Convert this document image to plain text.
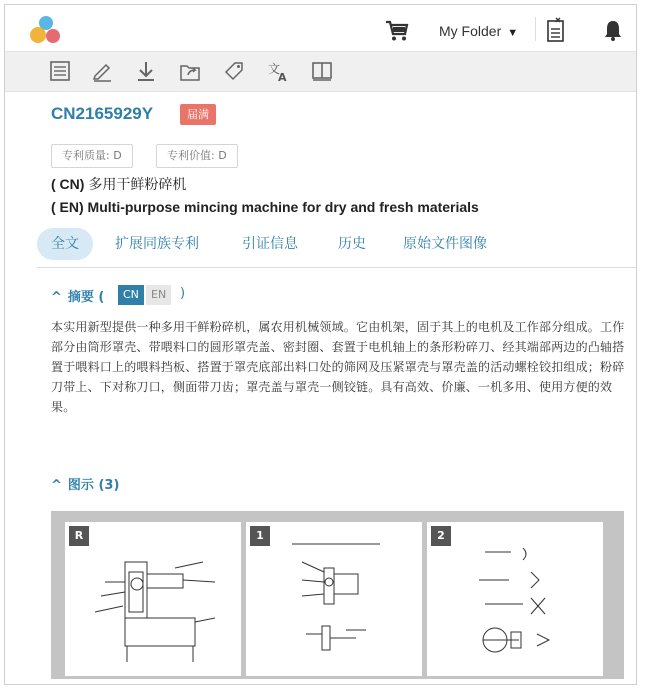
My Folder ▼
文
A
CN2165929Y	届满
专利质量: D	专利价值: D
( CN) 多用干鲜粉碎机
( EN) Multi-purpose mincing machine for dry and fresh materials
全文	扩展同族专利	引证信息	历史	原始文件图像
^ 摘要 (	CN	EN	)
本实用新型提供一种多用干鲜粉碎机，属农用机械领域。它由机架，固于其上的电机及工作部分组成。工作部分由筒形罩壳、带喂料口的圆形罩壳盖、密封圈、套置于电机轴上的条形粉碎刀、经其端部两边的凸轴搭置于喂料口上的喂料挡板、搭置于罩壳底部出料口处的筛网及压紧罩壳与罩壳盖的活动螺栓铰扣组成；粉碎刀带上、下对称刀口，侧面带刀齿；罩壳盖与罩壳一侧铰链。具有高效、价廉、一机多用、使用方便的效果。
^ 图示 (3)
R	1	2
